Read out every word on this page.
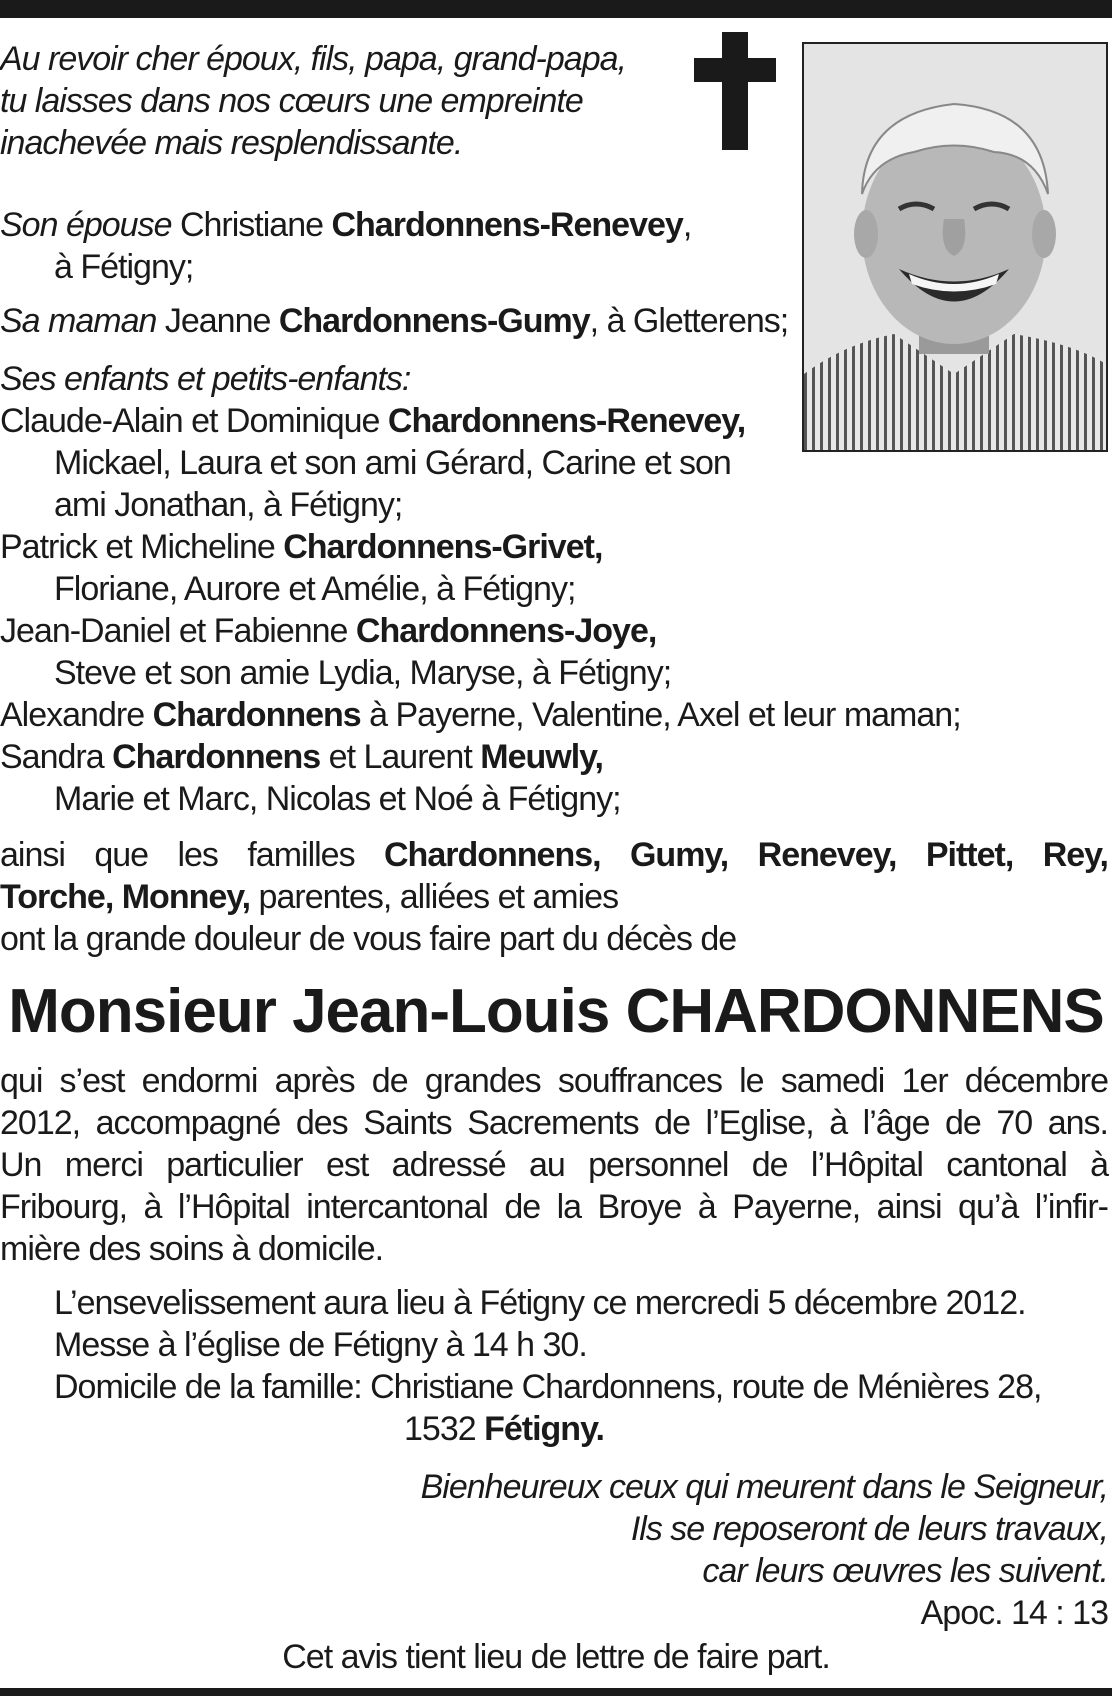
Au revoir cher époux, fils, papa, grand-papa,
tu laisses dans nos cœurs une empreinte
inachevée mais resplendissante.
Son épouse Christiane Chardonnens-Renevey,
à Fétigny;
Sa maman Jeanne Chardonnens-Gumy, à Gletterens;
Ses enfants et petits-enfants:
Claude-Alain et Dominique Chardonnens-Renevey,
Mickael, Laura et son ami Gérard, Carine et son
ami Jonathan, à Fétigny;
Patrick et Micheline Chardonnens-Grivet,
Floriane, Aurore et Amélie, à Fétigny;
Jean-Daniel et Fabienne Chardonnens-Joye,
Steve et son amie Lydia, Maryse, à Fétigny;
Alexandre Chardonnens à Payerne, Valentine, Axel et leur maman;
Sandra Chardonnens et Laurent Meuwly,
Marie et Marc, Nicolas et Noé à Fétigny;
ainsi que les familles Chardonnens, Gumy, Renevey, Pittet, Rey,
Torche, Monney, parentes, alliées et amies
ont la grande douleur de vous faire part du décès de
Monsieur Jean-Louis CHARDONNENS
qui s’est endormi après de grandes souffrances le samedi 1er décembre
2012, accompagné des Saints Sacrements de l’Eglise, à l’âge de 70 ans.
Un merci particulier est adressé au personnel de l’Hôpital cantonal à
Fribourg, à l’Hôpital intercantonal de la Broye à Payerne, ainsi qu’à l’infir-
mière des soins à domicile.
L’ensevelissement aura lieu à Fétigny ce mercredi 5 décembre 2012.
Messe à l’église de Fétigny à 14 h 30.
Domicile de la famille: Christiane Chardonnens, route de Ménières 28,
1532 Fétigny.
Bienheureux ceux qui meurent dans le Seigneur,
Ils se reposeront de leurs travaux,
car leurs œuvres les suivent.
Apoc. 14 : 13
Cet avis tient lieu de lettre de faire part.
